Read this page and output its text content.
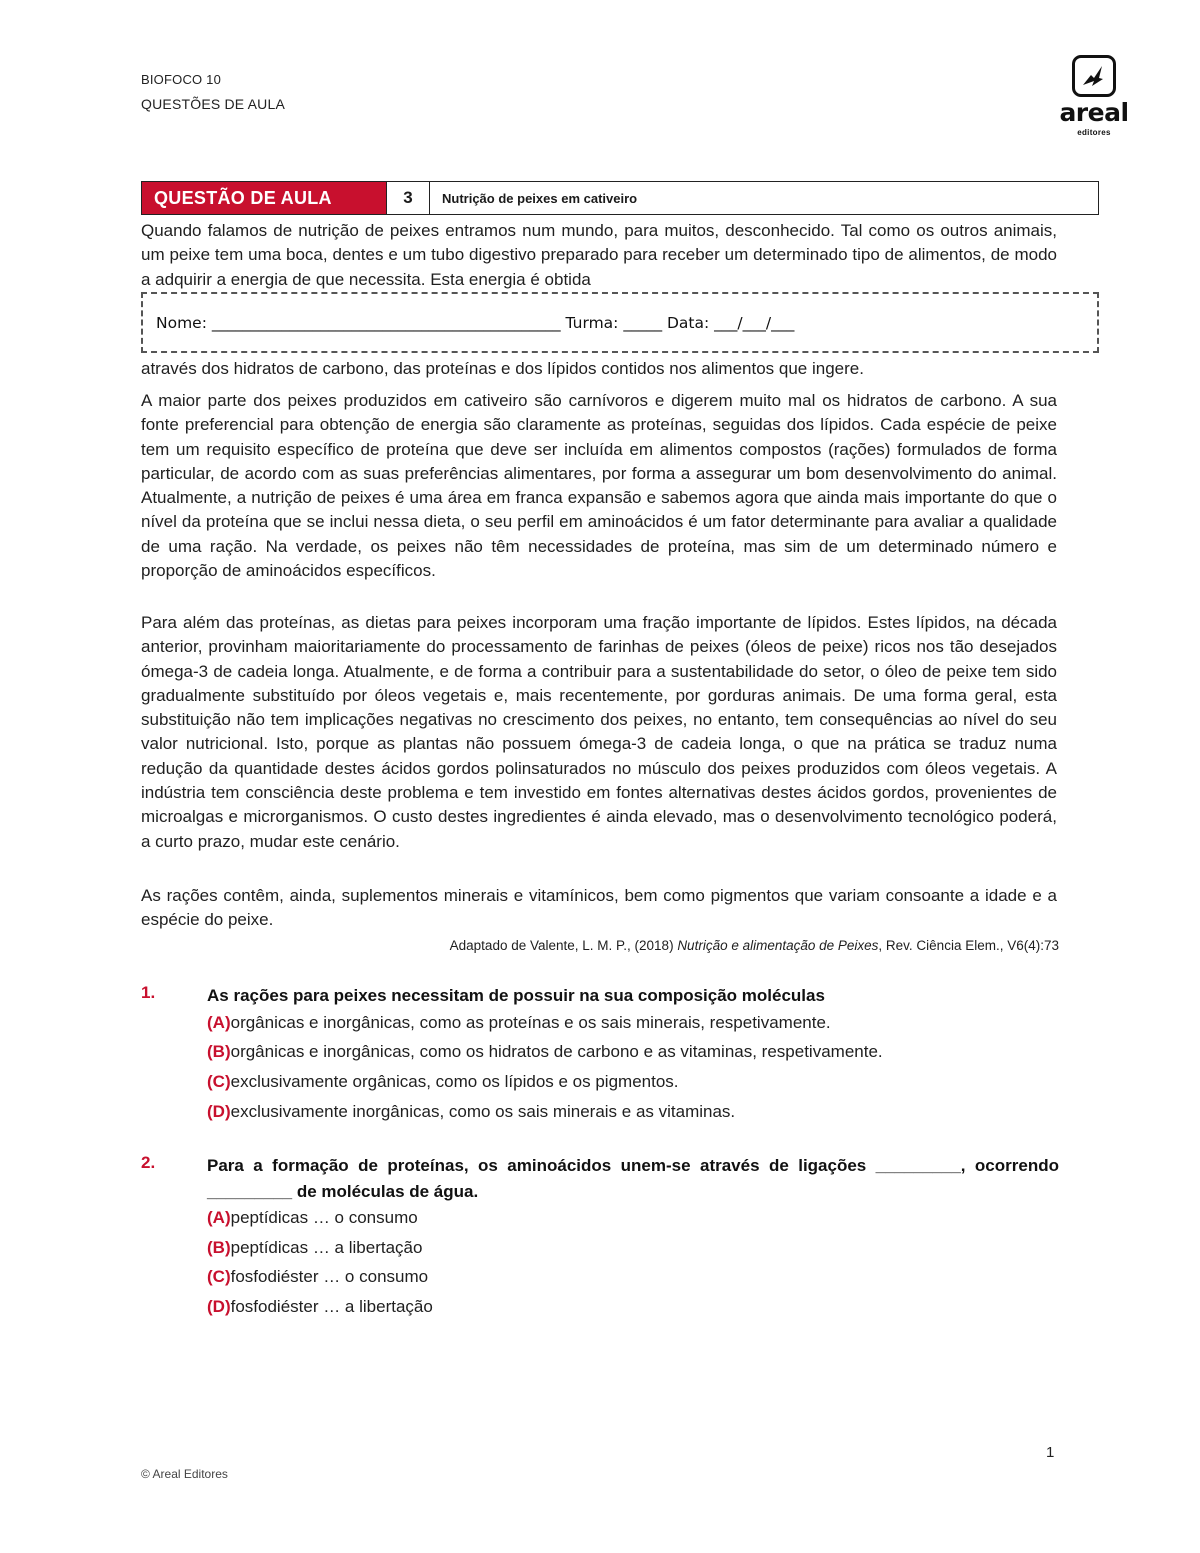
BIOFOCO 10
QUESTÕES DE AULA	areal
editores
QUESTÃO DE AULA	3	Nutrição de peixes em cativeiro

Quando falamos de nutrição de peixes entramos num mundo, para muitos, desconhecido. Tal como os outros animais, um peixe tem uma boca, dentes e um tubo digestivo preparado para receber um determinado tipo de alimentos, de modo a adquirir a energia de que necessita. Esta energia é obtida

Nome: _____________________________________________ Turma: _____ Data: ___/___/___

através dos hidratos de carbono, das proteínas e dos lípidos contidos nos alimentos que ingere.

A maior parte dos peixes produzidos em cativeiro são carnívoros e digerem muito mal os hidratos de carbono. A sua fonte preferencial para obtenção de energia são claramente as proteínas, seguidas dos lípidos. Cada espécie de peixe tem um requisito específico de proteína que deve ser incluída em alimentos compostos (rações) formulados de forma particular, de acordo com as suas preferências alimentares, por forma a assegurar um bom desenvolvimento do animal. Atualmente, a nutrição de peixes é uma área em franca expansão e sabemos agora que ainda mais importante do que o nível da proteína que se inclui nessa dieta, o seu perfil em aminoácidos é um fator determinante para avaliar a qualidade de uma ração. Na verdade, os peixes não têm necessidades de proteína, mas sim de um determinado número e proporção de aminoácidos específicos.

Para além das proteínas, as dietas para peixes incorporam uma fração importante de lípidos. Estes lípidos, na década anterior, provinham maioritariamente do processamento de farinhas de peixes (óleos de peixe) ricos nos tão desejados ómega-3 de cadeia longa. Atualmente, e de forma a contribuir para a sustentabilidade do setor, o óleo de peixe tem sido gradualmente substituído por óleos vegetais e, mais recentemente, por gorduras animais. De uma forma geral, esta substituição não tem implicações negativas no crescimento dos peixes, no entanto, tem consequências ao nível do seu valor nutricional. Isto, porque as plantas não possuem ómega-3 de cadeia longa, o que na prática se traduz numa redução da quantidade destes ácidos gordos polinsaturados no músculo dos peixes produzidos com óleos vegetais. A indústria tem consciência deste problema e tem investido em fontes alternativas destes ácidos gordos, provenientes de microalgas e microrganismos. O custo destes ingredientes é ainda elevado, mas o desenvolvimento tecnológico poderá, a curto prazo, mudar este cenário.

As rações contêm, ainda, suplementos minerais e vitamínicos, bem como pigmentos que variam consoante a idade e a espécie do peixe.

Adaptado de Valente, L. M. P., (2018) Nutrição e alimentação de Peixes, Rev. Ciência Elem., V6(4):73
1.	As rações para peixes necessitam de possuir na sua composição moléculas
(A)orgânicas e inorgânicas, como as proteínas e os sais minerais, respetivamente.
(B)orgânicas e inorgânicas, como os hidratos de carbono e as vitaminas, respetivamente.
(C)exclusivamente orgânicas, como os lípidos e os pigmentos.
(D)exclusivamente inorgânicas, como os sais minerais e as vitaminas.
2.	Para a formação de proteínas, os aminoácidos unem-se através de ligações _________, ocorrendo _________ de moléculas de água.
(A)peptídicas … o consumo
(B)peptídicas … a libertação
(C)fosfodiéster … o consumo
(D)fosfodiéster … a libertação
1
© Areal Editores
